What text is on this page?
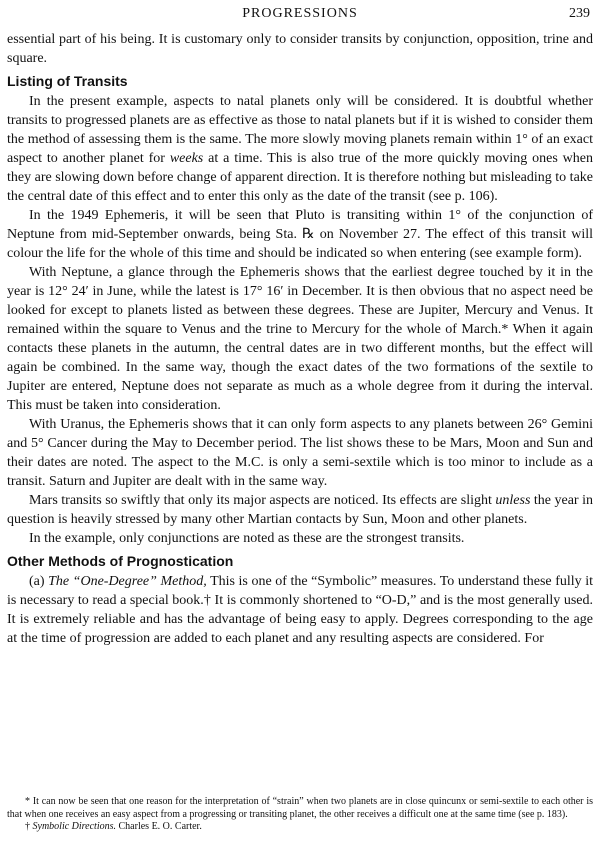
PROGRESSIONS	239

essential part of his being. It is customary only to consider transits by conjunction, opposition, trine and square.

Listing of Transits

In the present example, aspects to natal planets only will be considered. It is doubtful whether transits to progressed planets are as effective as those to natal planets but if it is wished to consider them the method of assessing them is the same. The more slowly moving planets remain within 1° of an exact aspect to another planet for weeks at a time. This is also true of the more quickly moving ones when they are slowing down before change of apparent direction. It is therefore nothing but misleading to take the central date of this effect and to enter this only as the date of the transit (see p. 106).

In the 1949 Ephemeris, it will be seen that Pluto is transiting within 1° of the conjunction of Neptune from mid-September onwards, being Sta. ℞ on November 27. The effect of this transit will colour the life for the whole of this time and should be indicated so when entering (see example form).

With Neptune, a glance through the Ephemeris shows that the earliest degree touched by it in the year is 12° 24′ in June, while the latest is 17° 16′ in December. It is then obvious that no aspect need be looked for except to planets listed as between these degrees. These are Jupiter, Mercury and Venus. It remained within the square to Venus and the trine to Mercury for the whole of March.* When it again contacts these planets in the autumn, the central dates are in two different months, but the effect will again be combined. In the same way, though the exact dates of the two formations of the sextile to Jupiter are entered, Neptune does not separate as much as a whole degree from it during the interval. This must be taken into consideration.

With Uranus, the Ephemeris shows that it can only form aspects to any planets between 26° Gemini and 5° Cancer during the May to December period. The list shows these to be Mars, Moon and Sun and their dates are noted. The aspect to the M.C. is only a semi-sextile which is too minor to include as a transit. Saturn and Jupiter are dealt with in the same way.

Mars transits so swiftly that only its major aspects are noticed. Its effects are slight unless the year in question is heavily stressed by many other Martian contacts by Sun, Moon and other planets.

In the example, only conjunctions are noted as these are the strongest transits.

Other Methods of Prognostication

(a) The “One-Degree” Method, This is one of the “Symbolic” measures. To understand these fully it is necessary to read a special book.† It is commonly shortened to “O-D,” and is the most generally used. It is extremely reliable and has the advantage of being easy to apply. Degrees corresponding to the age at the time of progression are added to each planet and any resulting aspects are considered. For

* It can now be seen that one reason for the interpretation of “strain” when two planets are in close quincunx or semi-sextile to each other is that when one receives an easy aspect from a progressing or transiting planet, the other receives a difficult one at the same time (see p. 183).

† Symbolic Directions. Charles E. O. Carter.
